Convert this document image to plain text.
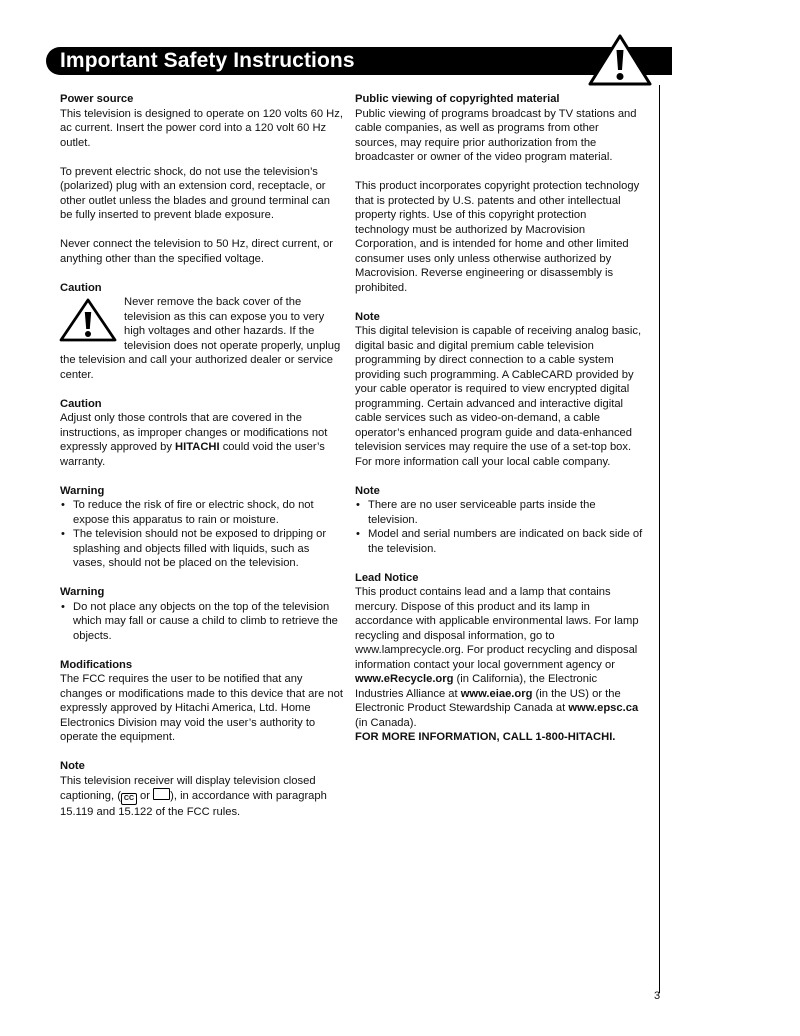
Important Safety Instructions
Power source
This television is designed to operate on 120 volts 60 Hz, ac current. Insert the power cord into a 120 volt 60 Hz outlet.
To prevent electric shock, do not use the television’s (polarized) plug with an extension cord, receptacle, or other outlet unless the blades and ground terminal can be fully inserted to prevent blade exposure.
Never connect the television to 50 Hz, direct current, or anything other than the specified voltage.
Caution
Never remove the back cover of the television as this can expose you to very high voltages and other hazards. If the television does not operate properly, unplug the television and call your authorized dealer or service center.
Caution
Adjust only those controls that are covered in the instructions, as improper changes or modifications not expressly approved by HITACHI could void the user’s warranty.
Warning
• To reduce the risk of fire or electric shock, do not expose this apparatus to rain or moisture.
• The television should not be exposed to dripping or splashing and objects filled with liquids, such as vases, should not be placed on the television.
Warning
• Do not place any objects on the top of the television which may fall or cause a child to climb to retrieve the objects.
Modifications
The FCC requires the user to be notified that any changes or modifications made to this device that are not expressly approved by Hitachi America, Ltd. Home Electronics Division may void the user’s authority to operate the equipment.
Note
This television receiver will display television closed captioning, ( CC or ), in accordance with paragraph 15.119 and 15.122 of the FCC rules.
Public viewing of copyrighted material
Public viewing of programs broadcast by TV stations and cable companies, as well as programs from other sources, may require prior authorization from the broadcaster or owner of the video program material.
This product incorporates copyright protection technology that is protected by U.S. patents and other intellectual property rights. Use of this copyright protection technology must be authorized by Macrovision Corporation, and is intended for home and other limited consumer uses only unless otherwise authorized by Macrovision. Reverse engineering or disassembly is prohibited.
Note
This digital television is capable of receiving analog basic, digital basic and digital premium cable television programming by direct connection to a cable system providing such programming. A CableCARD provided by your cable operator is required to view encrypted digital programming. Certain advanced and interactive digital cable services such as video-on-demand, a cable operator’s enhanced program guide and data-enhanced television services may require the use of a set-top box. For more information call your local cable company.
Note
• There are no user serviceable parts inside the television.
• Model and serial numbers are indicated on back side of the television.
Lead Notice
This product contains lead and a lamp that contains mercury. Dispose of this product and its lamp in accordance with applicable environmental laws. For lamp recycling and disposal information, go to www.lamprecycle.org. For product recycling and disposal information contact your local government agency or www.eRecycle.org (in California), the Electronic Industries Alliance at www.eiae.org (in the US) or the Electronic Product Stewardship Canada at www.epsc.ca (in Canada).
FOR MORE INFORMATION, CALL 1-800-HITACHI.
3
